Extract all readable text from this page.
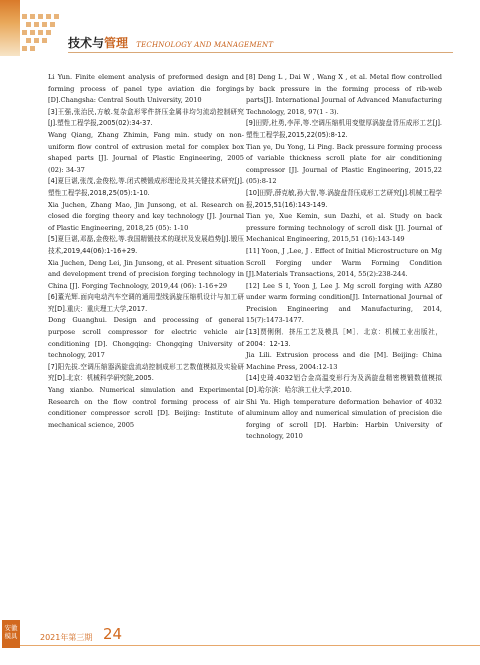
技术与管理 TECHNOLOGY AND MANAGEMENT

Li Yun. Finite element analysis of preformed design and forming process of panel type aviation die forgings [D].Changsha: Central South University, 2010

[3]王强,张治民,方敏.复杂盒形零件挤压金属非均匀流动控制研究[J].塑性工程学报,2005(02):34-37.

Wang Qiang, Zhang Zhimin, Fang min. study on non-uniform flow control of extrusion metal for complex box shaped parts [J]. Journal of Plastic Engineering, 2005 (02): 34-37

[4]夏巨谌,张茂,金俊松,等.闭式模锻成形理论及其关键技术研究[J].塑性工程学报,2018,25(05):1-10.

Xia Juchen, Zhang Mao, Jin Junsong, et al. Research on closed die forging theory and key technology [J]. Journal of Plastic Engineering, 2018,25 (05): 1-10

[5]夏巨谌,邓磊,金俊松,等.我国精锻技术的现状及发展趋势[J].锻压技术,2019,44(06):1-16+29.

Xia Juchen, Deng Lei, Jin Junsong, et al. Present situation and development trend of precision forging technology in China [J]. Forging Technology, 2019,44 (06): 1-16+29

[6]董光辉.面向电动汽车空调的通用型线涡旋压缩机设计与加工研究[D].重庆：重庆理工大学,2017.

Dong Guanghui. Design and processing of general purpose scroll compressor for electric vehicle air conditioning [D]. Chongqing: Chongqing University of technology, 2017

[7]阳先拔.空调压缩器涡旋盘流动控制成形工艺数值模拟及实验研究[D].北京：机械科学研究院,2005.

Yang xianbo. Numerical simulation and Experimental Research on the flow control forming process of air conditioner compressor scroll [D]. Beijing: Institute of mechanical science, 2005

[8] Deng L , Dai W , Wang X , et al. Metal flow controlled by back pressure in the forming process of rib-web parts[J]. International Journal of Advanced Manufacturing Technology, 2018, 97(1 - 3).

[9]田野,杜勇,李萍,等.空调压缩机用变壁厚涡旋盘背压成形工艺[J].塑性工程学报,2015,22(05):8-12.

Tian ye, Du Yong, Li Ping. Back pressure forming process of variable thickness scroll plate for air conditioning compressor [J]. Journal of Plastic Engineering, 2015,22 (05):8-12

[10]田野,薛克敏,孙大智,等.涡旋盘背压成形工艺研究[J].机械工程学报,2015,51(16):143-149.

Tian ye, Xue Kemin, sun Dazhi, et al. Study on back pressure forming technology of scroll disk [J]. Journal of Mechanical Engineering, 2015,51 (16):143-149

[11] Yoon, J ,Lee, J . Effect of Initial Microstructure on Mg Scroll Forging under Warm Forming Condition [J].Materials Transactions, 2014, 55(2):238-244.

[12] Lee S I, Yoon J, Lee J. Mg scroll forging with AZ80 under warm forming condition[J]. International Journal of Precision Engineering and Manufacturing, 2014, 15(7):1473-1477.

[13]贾俐俐．挤压工艺及模具［M］．北京：机械工业出版社，2004：12-13.

Jia Lili. Extrusion process and die [M]. Beijing: China Machine Press, 2004:12-13

[14]史琦.4032铝合金高温变形行为及涡旋盘精密模锻数值模拟[D].哈尔滨：哈尔滨工业大学,2010.

Shi Yu. High temperature deformation behavior of 4032 aluminum alloy and numerical simulation of precision die forging of scroll [D]. Harbin: Harbin University of technology, 2010

安徽
模具	2021年第三期 24
